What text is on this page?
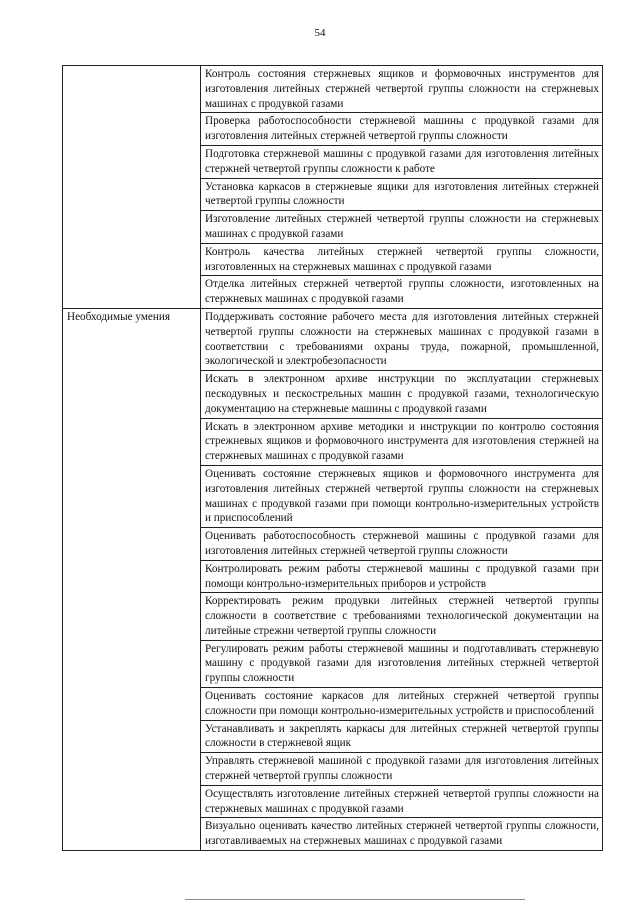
54
	Контроль состояния стержневых ящиков и формовочных инструментов для изготовления литейных стержней четвертой группы сложности на стержневых машинах с продувкой газами
	Проверка работоспособности стержневой машины с продувкой газами для изготовления литейных стержней четвертой группы сложности
	Подготовка стержневой машины с продувкой газами для изготовления литейных стержней четвертой группы сложности к работе
	Установка каркасов в стержневые ящики для изготовления литейных стержней четвертой группы сложности
	Изготовление литейных стержней четвертой группы сложности на стержневых машинах с продувкой газами
	Контроль качества литейных стержней четвертой группы сложности, изготовленных на стержневых машинах с продувкой газами
	Отделка литейных стержней четвертой группы сложности, изготовленных на стержневых машинах с продувкой газами
Необходимые умения	Поддерживать состояние рабочего места для изготовления литейных стержней четвертой группы сложности на стержневых машинах с продувкой газами в соответствии с требованиями охраны труда, пожарной, промышленной, экологической и электробезопасности
	Искать в электронном архиве инструкции по эксплуатации стержневых пескодувных и пескострельных машин с продувкой газами, технологическую документацию на стержневые машины с продувкой газами
	Искать в электронном архиве методики и инструкции по контролю состояния стрежневых ящиков и формовочного инструмента для изготовления стержней на стержневых машинах с продувкой газами
	Оценивать состояние стержневых ящиков и формовочного инструмента для изготовления литейных стержней четвертой группы сложности на стержневых машинах с продувкой газами при помощи контрольно-измерительных устройств и приспособлений
	Оценивать работоспособность стержневой машины с продувкой газами для изготовления литейных стержней четвертой группы сложности
	Контролировать режим работы стержневой машины с продувкой газами при помощи контрольно-измерительных приборов и устройств
	Корректировать режим продувки литейных стержней четвертой группы сложности в соответствие с требованиями технологической документации на литейные стрежни четвертой группы сложности
	Регулировать режим работы стержневой машины и подготавливать стержневую машину с продувкой газами для изготовления литейных стержней четвертой группы сложности
	Оценивать состояние каркасов для литейных стержней четвертой группы сложности при помощи контрольно-измерительных устройств и приспособлений
	Устанавливать и закреплять каркасы для литейных стержней четвертой группы сложности в стержневой ящик
	Управлять стержневой машиной с продувкой газами для изготовления литейных стержней четвертой группы сложности
	Осуществлять изготовление литейных стержней четвертой группы сложности на стержневых машинах с продувкой газами
	Визуально оценивать качество литейных стержней четвертой группы сложности, изготавливаемых на стержневых машинах с продувкой газами
